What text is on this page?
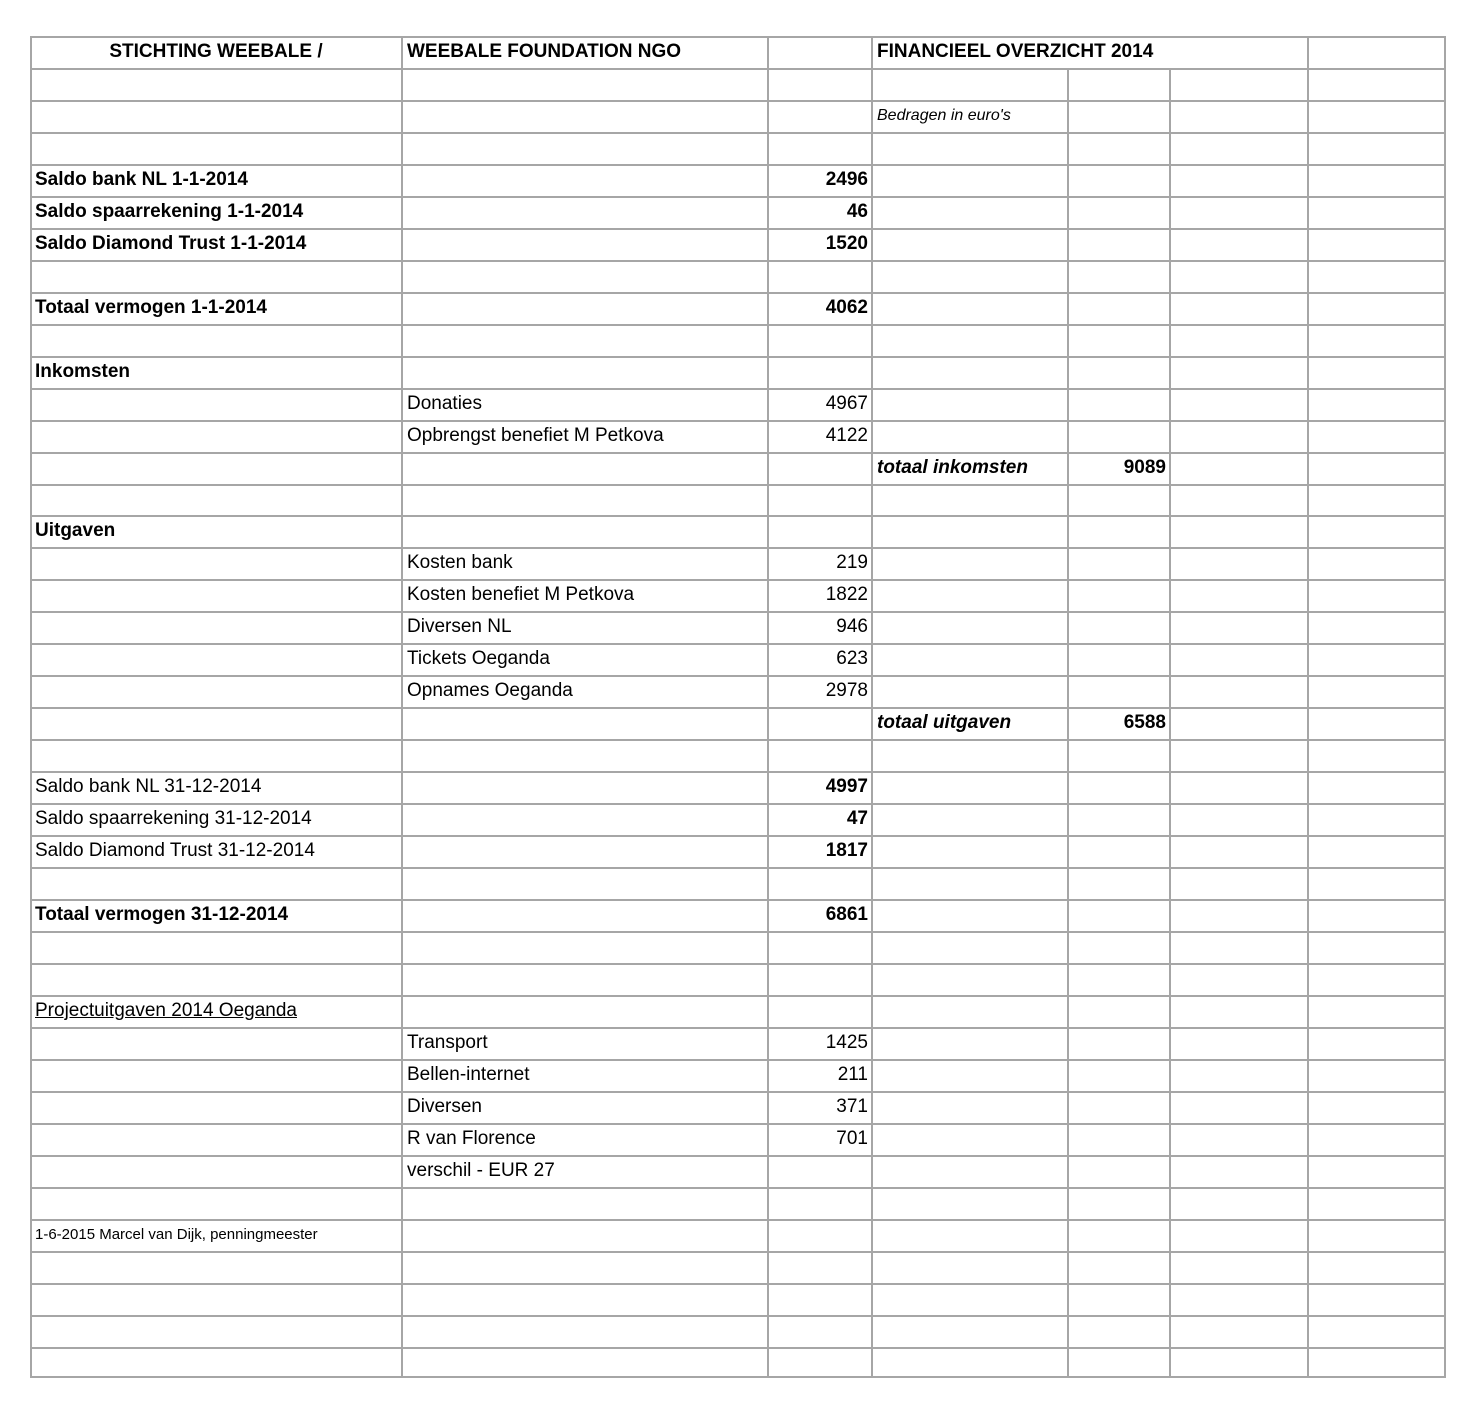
STICHTING WEEBALE /	WEEBALE FOUNDATION NGO	FINANCIEEL OVERZICHT 2014
Bedragen in euro's
Saldo bank NL 1-1-2014	2496
Saldo spaarrekening 1-1-2014	46
Saldo Diamond Trust 1-1-2014	1520
Totaal vermogen 1-1-2014	4062
Inkomsten
Donaties	4967
Opbrengst benefiet M Petkova	4122
totaal inkomsten	9089
Uitgaven
Kosten bank	219
Kosten benefiet M Petkova	1822
Diversen NL	946
Tickets Oeganda	623
Opnames Oeganda	2978
totaal uitgaven	6588
Saldo bank NL 31-12-2014	4997
Saldo spaarrekening 31-12-2014	47
Saldo Diamond Trust 31-12-2014	1817
Totaal vermogen 31-12-2014	6861
Projectuitgaven 2014 Oeganda
Transport	1425
Bellen-internet	211
Diversen	371
R van Florence	701
verschil - EUR 27
1-6-2015 Marcel van Dijk, penningmeester
